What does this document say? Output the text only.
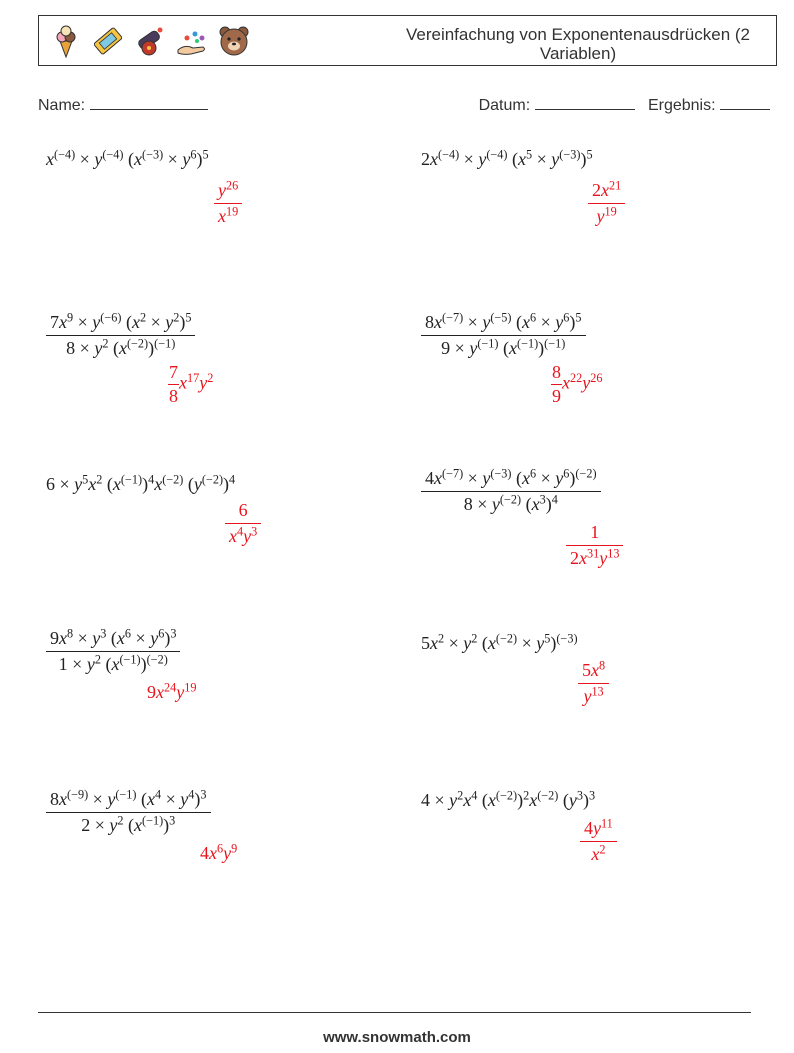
Vereinfachung von Exponentenausdrücken (2 Variablen)
Name:	Datum:	Ergebnis:
$x^{(-4)} \times y^{(-4)}$ $(x^{(-3)} \times y^6)^5$
$\frac{y^{26}}{x^{19}}$
$2x^{(-4)} \times y^{(-4)}$ $(x^5 \times y^{(-3)})^5$
$\frac{2x^{21}}{y^{19}}$
$\frac{7x^9 \times y^{(-6)} (x^2 \times y^2)^5}{8 \times y^2 (x^{(-2)})^{(-1)}}$
$\frac{7}{8} x^{17}y^2$
$\frac{8x^{(-7)} \times y^{(-5)} (x^6 \times y^6)^5}{9 \times y^{(-1)} (x^{(-1)})^{(-1)}}$
$\frac{8}{9} x^{22}y^{26}$
$6 \times y^5x^2$ $(x^{(-1)})^4x^{(-2)}$ $(y^{(-2)})^4$
$\frac{6}{x^4y^3}$
$\frac{4x^{(-7)} \times y^{(-3)} (x^6 \times y^6)^{(-2)}}{8 \times y^{(-2)} (x^3)^4}$
$\frac{1}{2x^{31}y^{13}}$
$\frac{9x^8 \times y^3 (x^6 \times y^6)^3}{1 \times y^2 (x^{(-1)})^{(-2)}}$
$9x^{24}y^{19}$
$5x^2 \times y^2$ $(x^{(-2)} \times y^5)^{(-3)}$
$\frac{5x^8}{y^{13}}$
$\frac{8x^{(-9)} \times y^{(-1)} (x^4 \times y^4)^3}{2 \times y^2 (x^{(-1)})^3}$
$4x^6y^9$
$4 \times y^2x^4$ $(x^{(-2)})^2x^{(-2)}$ $(y^3)^3$
$\frac{4y^{11}}{x^2}$
www.snowmath.com
